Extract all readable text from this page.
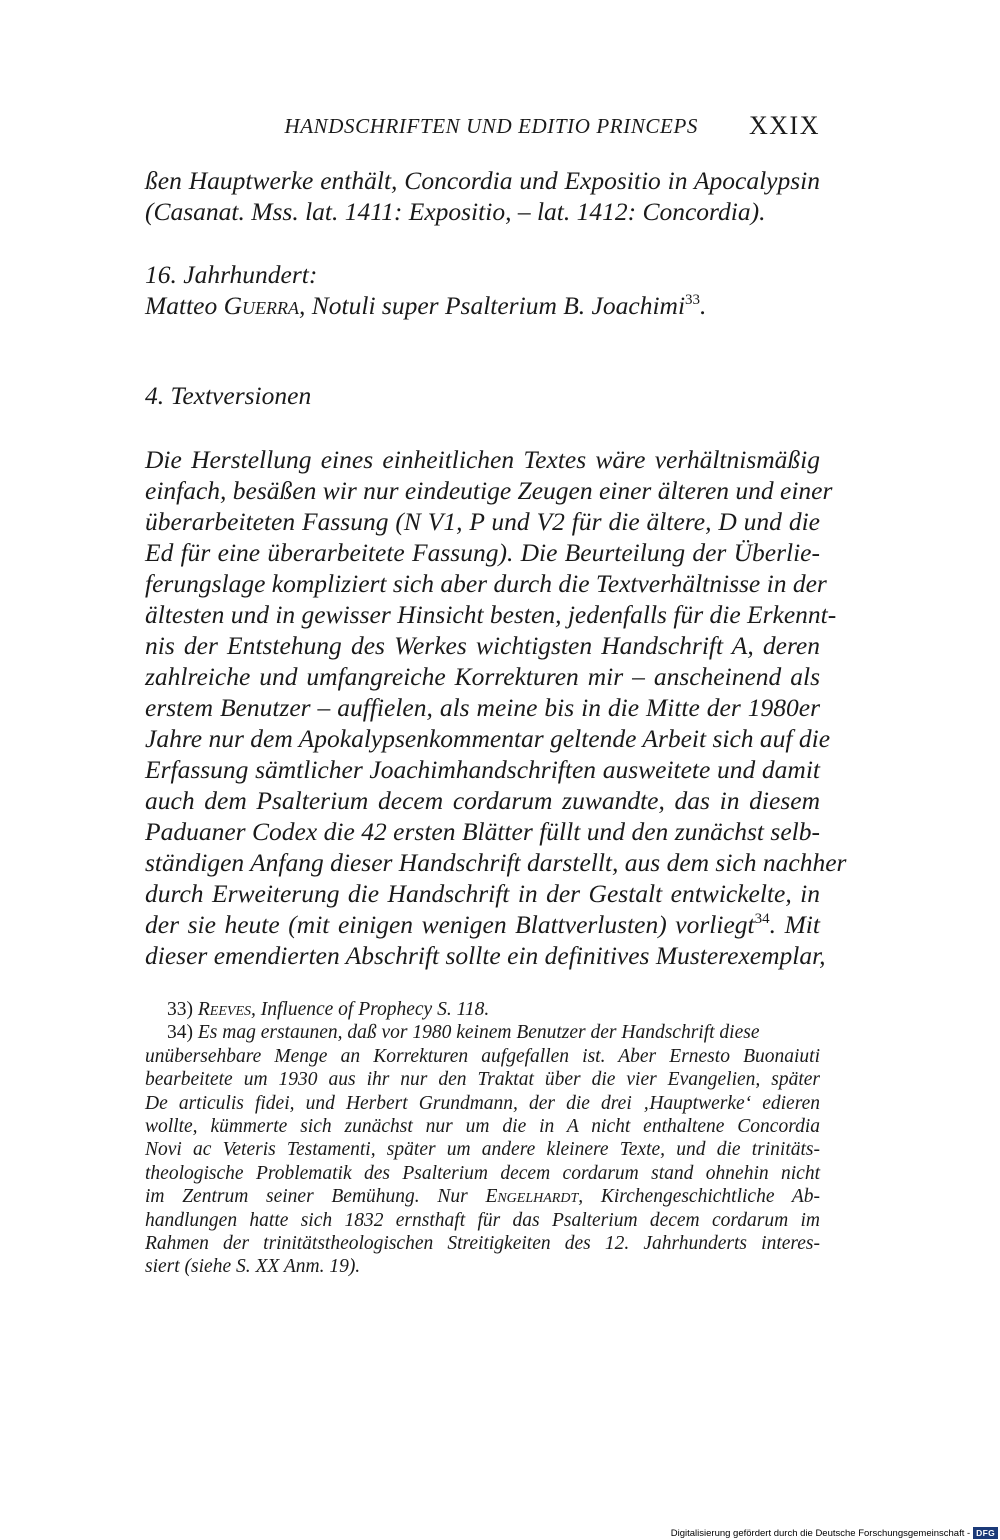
HANDSCHRIFTEN UND EDITIO PRINCEPS XXIX
ßen Hauptwerke enthält, Concordia und Expositio in Apocalypsin
(Casanat. Mss. lat. 1411: Expositio, – lat. 1412: Concordia).
16. Jahrhundert:
Matteo Guerra, Notuli super Psalterium B. Joachimi$^{33}$.
4. Textversionen
Die Herstellung eines einheitlichen Textes wäre verhältnismäßig
einfach, besäßen wir nur eindeutige Zeugen einer älteren und einer
überarbeiteten Fassung (N V1, P und V2 für die ältere, D und die
Ed für eine überarbeitete Fassung). Die Beurteilung der Überlie-
ferungslage kompliziert sich aber durch die Textverhältnisse in der
ältesten und in gewisser Hinsicht besten, jedenfalls für die Erkennt-
nis der Entstehung des Werkes wichtigsten Handschrift A, deren
zahlreiche und umfangreiche Korrekturen mir – anscheinend als
erstem Benutzer – auffielen, als meine bis in die Mitte der 1980er
Jahre nur dem Apokalypsenkommentar geltende Arbeit sich auf die
Erfassung sämtlicher Joachimhandschriften ausweitete und damit
auch dem Psalterium decem cordarum zuwandte, das in diesem
Paduaner Codex die 42 ersten Blätter füllt und den zunächst selb-
ständigen Anfang dieser Handschrift darstellt, aus dem sich nachher
durch Erweiterung die Handschrift in der Gestalt entwickelte, in
der sie heute (mit einigen wenigen Blattverlusten) vorliegt$^{34}$. Mit
dieser emendierten Abschrift sollte ein definitives Musterexemplar,
33) Reeves, Influence of Prophecy S. 118.
34) Es mag erstaunen, daß vor 1980 keinem Benutzer der Handschrift diese
unübersehbare Menge an Korrekturen aufgefallen ist. Aber Ernesto Buonaiuti
bearbeitete um 1930 aus ihr nur den Traktat über die vier Evangelien, später
De articulis fidei, und Herbert Grundmann, der die drei ‚Hauptwerke‘ edieren
wollte, kümmerte sich zunächst nur um die in A nicht enthaltene Concordia
Novi ac Veteris Testamenti, später um andere kleinere Texte, und die trinitäts-
theologische Problematik des Psalterium decem cordarum stand ohnehin nicht
im Zentrum seiner Bemühung. Nur Engelhardt, Kirchengeschichtliche Ab-
handlungen hatte sich 1832 ernsthaft für das Psalterium decem cordarum im
Rahmen der trinitätstheologischen Streitigkeiten des 12. Jahrhunderts interes-
siert (siehe S. XX Anm. 19).
Digitalisierung gefördert durch die Deutsche Forschungsgemeinschaft - DFG
